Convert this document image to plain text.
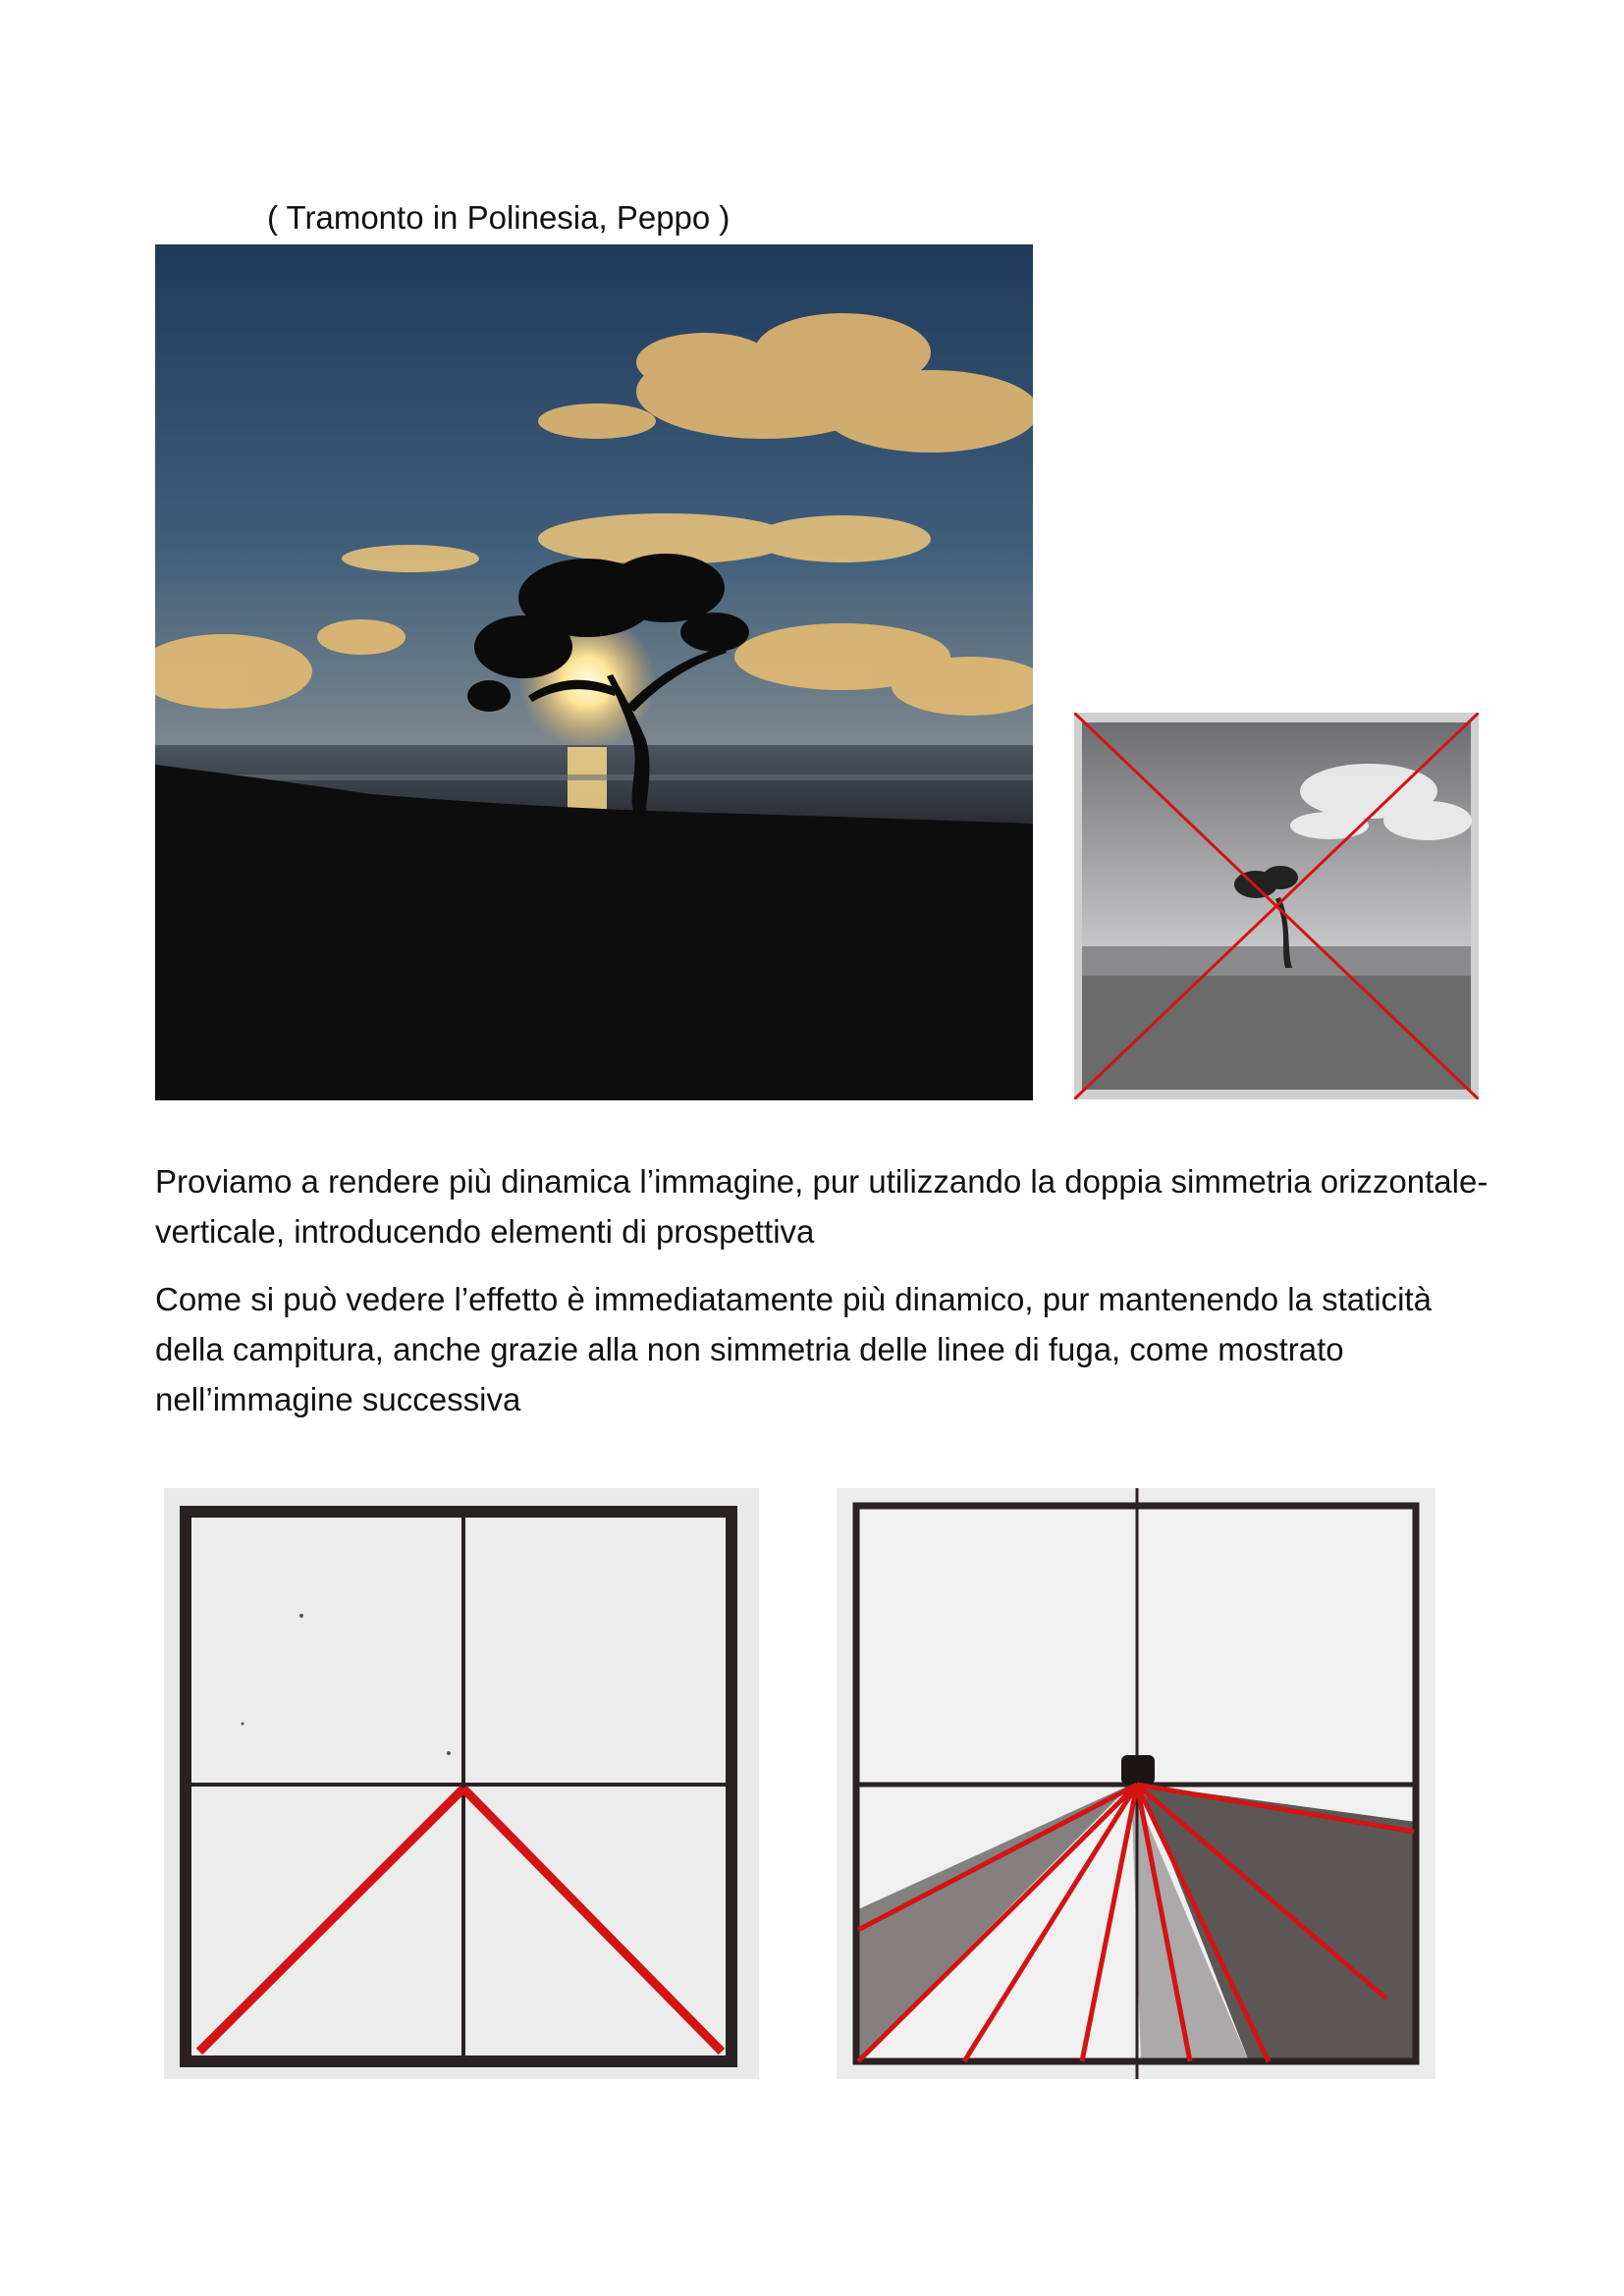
( Tramonto in Polinesia, Peppo )
Proviamo a rendere più dinamica l’immagine, pur utilizzando la doppia simmetria orizzontale-verticale, introducendo elementi di prospettiva
Come si può vedere l’effetto è immediatamente più dinamico, pur mantenendo la staticità della campitura, anche grazie alla non simmetria delle linee di fuga, come mostrato nell’immagine successiva
